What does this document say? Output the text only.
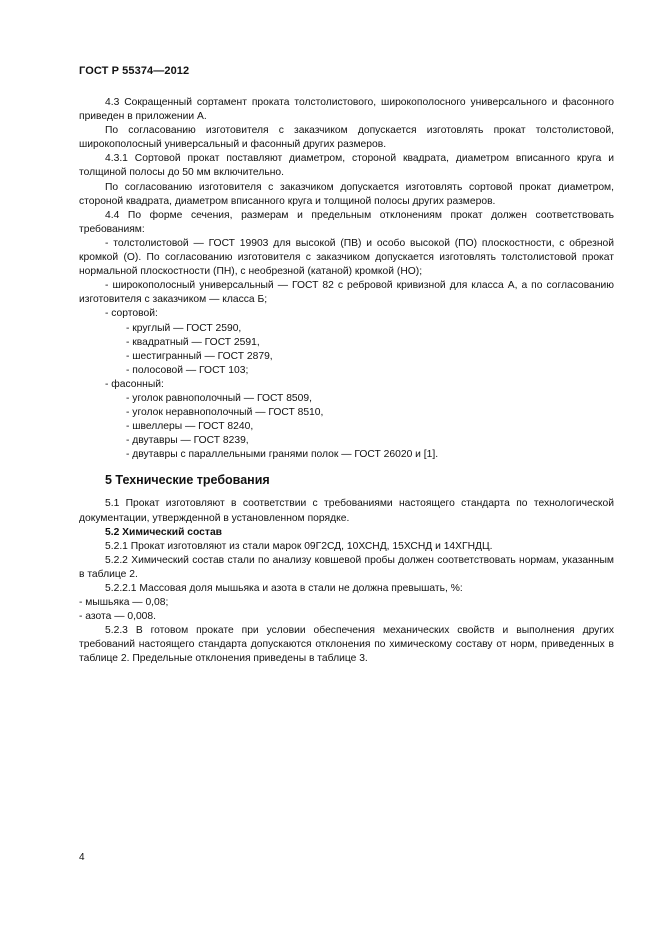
ГОСТ Р 55374—2012

4.3 Сокращенный сортамент проката толстолистового, широкополосного универсального и фасонного приведен в приложении А.

По согласованию изготовителя с заказчиком допускается изготовлять прокат толстолистовой, широкополосный универсальный и фасонный других размеров.

4.3.1 Сортовой прокат поставляют диаметром, стороной квадрата, диаметром вписанного круга и толщиной полосы до 50 мм включительно.

По согласованию изготовителя с заказчиком допускается изготовлять сортовой прокат диаметром, стороной квадрата, диаметром вписанного круга и толщиной полосы других размеров.

4.4 По форме сечения, размерам и предельным отклонениям прокат должен соответствовать требованиям:

- толстолистовой — ГОСТ 19903 для высокой (ПВ) и особо высокой (ПО) плоскостности, с обрезной кромкой (О). По согласованию изготовителя с заказчиком допускается изготовлять толстолистовой прокат нормальной плоскостности (ПН), с необрезной (катаной) кромкой (НО);

- широкополосный универсальный — ГОСТ 82 с ребровой кривизной для класса А, а по согласованию изготовителя с заказчиком — класса Б;

- сортовой:

- круглый — ГОСТ 2590,

- квадратный — ГОСТ 2591,

- шестигранный — ГОСТ 2879,

- полосовой — ГОСТ 103;

- фасонный:

- уголок равнополочный — ГОСТ 8509,

- уголок неравнополочный — ГОСТ 8510,

- швеллеры — ГОСТ 8240,

- двутавры — ГОСТ 8239,

- двутавры с параллельными гранями полок — ГОСТ 26020 и [1].

5 Технические требования

5.1 Прокат изготовляют в соответствии с требованиями настоящего стандарта по технологической документации, утвержденной в установленном порядке.

5.2 Химический состав

5.2.1 Прокат изготовляют из стали марок 09Г2СД, 10ХСНД, 15ХСНД и 14ХГНДЦ.

5.2.2 Химический состав стали по анализу ковшевой пробы должен соответствовать нормам, указанным в таблице 2.

5.2.2.1 Массовая доля мышьяка и азота в стали не должна превышать, %:

- мышьяка — 0,08;

- азота — 0,008.

5.2.3 В готовом прокате при условии обеспечения механических свойств и выполнения других требований настоящего стандарта допускаются отклонения по химическому составу от норм, приведенных в таблице 2. Предельные отклонения приведены в таблице 3.

4
